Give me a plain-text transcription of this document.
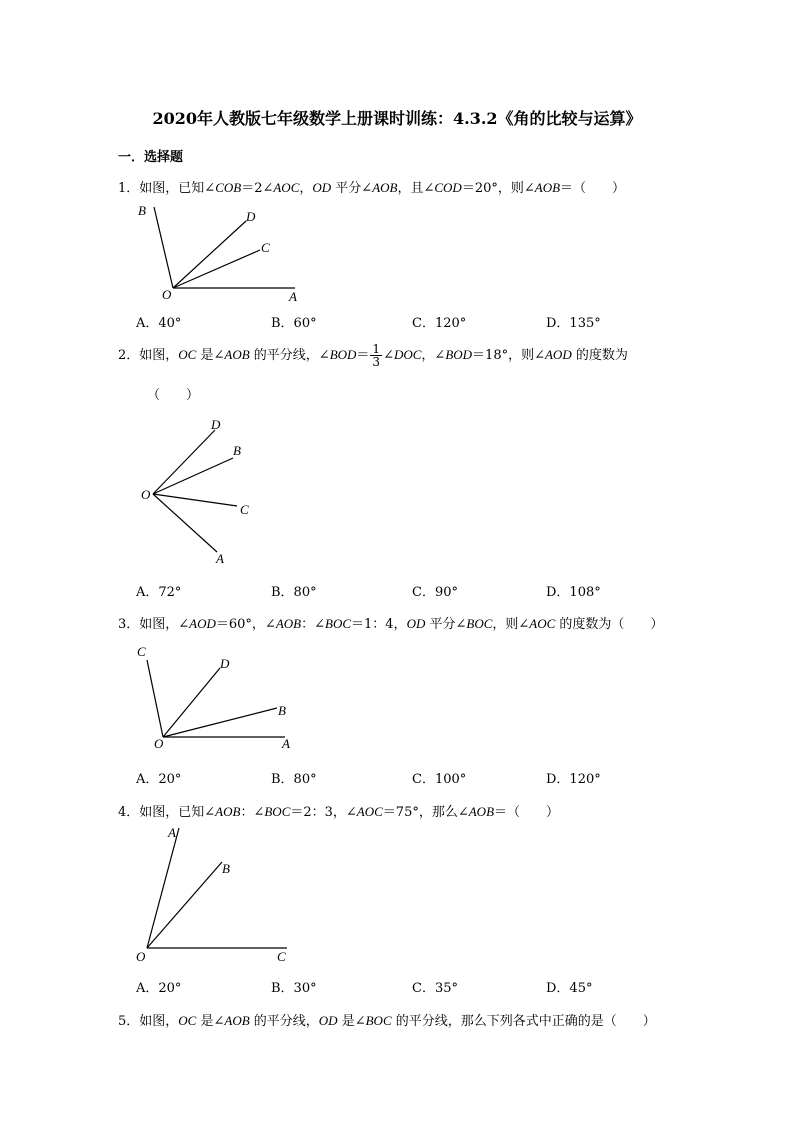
2020年人教版七年级数学上册课时训练：4.3.2《角的比较与运算》
一．选择题
1．如图，已知∠COB＝2∠AOC，OD 平分∠AOB，且∠COD＝20°，则∠AOB＝（　　）
B	D
C
O	A
A．40°	B．60°	C．120°	D．135°
2．如图，OC 是∠AOB 的平分线，∠BOD＝ $\frac{1}{3}$ ∠DOC，∠BOD＝18°，则∠AOD 的度数为
（　　）
D
B
O
C
A
A．72°	B．80°	C．90°	D．108°
3．如图，∠AOD＝60°，∠AOB：∠BOC＝1：4，OD 平分∠BOC，则∠AOC 的度数为（　　）
C
D
B
O	A
A．20°	B．80°	C．100°	D．120°
4．如图，已知∠AOB：∠BOC＝2：3，∠AOC＝75°，那么∠AOB＝（　　）
A
B
O	C
A．20°	B．30°	C．35°	D．45°
5．如图，OC 是∠AOB 的平分线，OD 是∠BOC 的平分线，那么下列各式中正确的是（　　）
